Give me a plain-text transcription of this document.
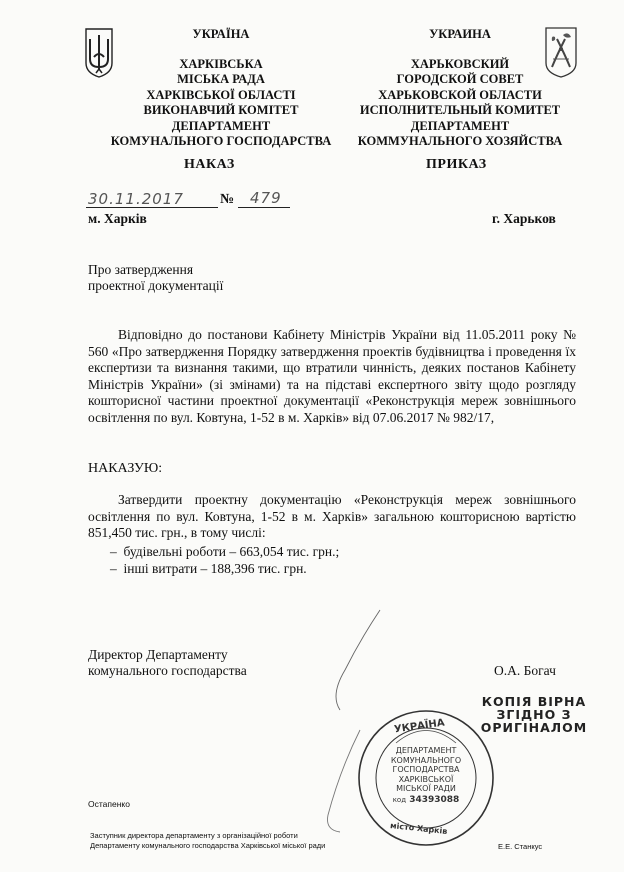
УКРАЇНА
ХАРКІВСЬКА
МІСЬКА РАДА
ХАРКІВСЬКОЇ ОБЛАСТІ
ВИКОНАВЧИЙ КОМІТЕТ
ДЕПАРТАМЕНТ
КОМУНАЛЬНОГО ГОСПОДАРСТВА
УКРАИНА
ХАРЬКОВСКИЙ
ГОРОДСКОЙ СОВЕТ
ХАРЬКОВСКОЙ ОБЛАСТИ
ИСПОЛНИТЕЛЬНЫЙ КОМИТЕТ
ДЕПАРТАМЕНТ
КОММУНАЛЬНОГО ХОЗЯЙСТВА
НАКАЗ	ПРИКАЗ
30.11.2017	№ 479
м. Харків	г. Харьков
Про затвердження
проектної документації
Відповідно до постанови Кабінету Міністрів України від 11.05.2011 року № 560 «Про затвердження Порядку затвердження проектів будівництва і проведення їх експертизи та визнання такими, що втратили чинність, деяких постанов Кабінету Міністрів України» (зі змінами) та на підставі експертного звіту щодо розгляду кошторисної частини проектної документації «Реконструкція мереж зовнішнього освітлення по вул. Ковтуна, 1-52 в м. Харків» від 07.06.2017 № 982/17,
НАКАЗУЮ:
Затвердити проектну документацію «Реконструкція мереж зовнішнього освітлення по вул. Ковтуна, 1-52 в м. Харків» загальною кошторисною вартістю 851,450 тис. грн., в тому числі:
–  будівельні роботи – 663,054 тис. грн.;
–  інші витрати – 188,396 тис. грн.
Директор Департаменту
комунального господарства	О.А. Богач
КОПІЯ ВІРНА
ЗГІДНО З
ОРИГІНАЛОМ
УКРАЇНА
ДЕПАРТАМЕНТ
КОМУНАЛЬНОГО
ГОСПОДАРСТВА
ХАРКІВСЬКОЇ
МІСЬКОЇ РАДИ
код 34393088
місто Харків
Остапенко
Заступник директора департаменту з організаційної роботи
Департаменту комунального господарства Харківської міської ради	Е.Е. Станкус
